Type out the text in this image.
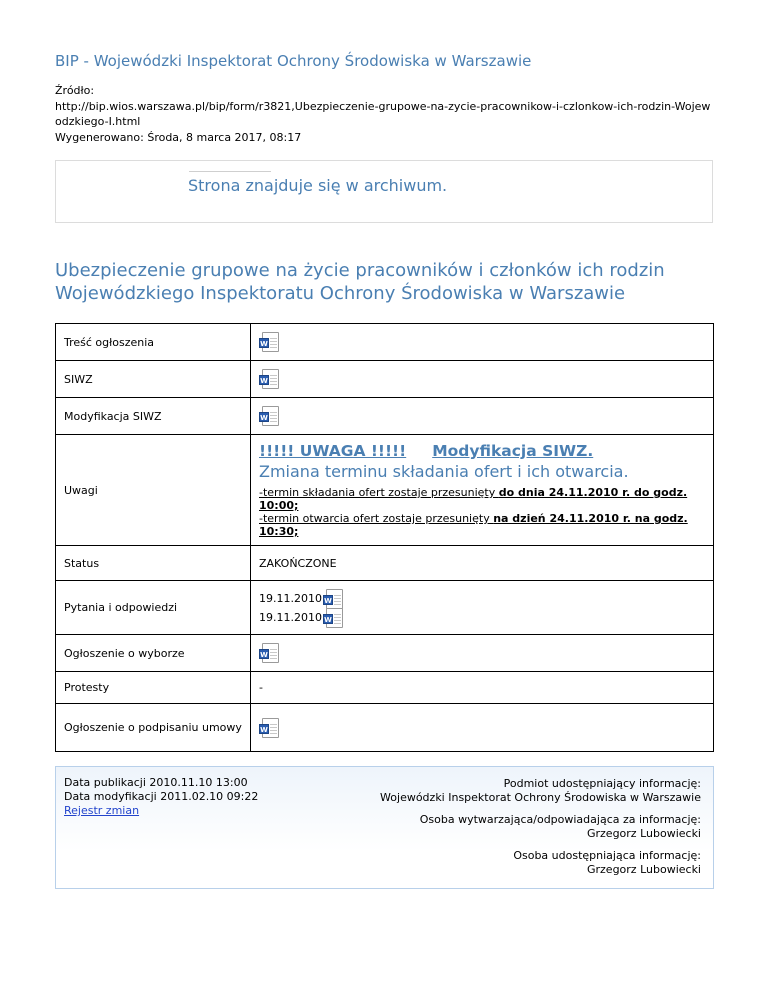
BIP - Wojewódzki Inspektorat Ochrony Środowiska w Warszawie
Źródło:
http://bip.wios.warszawa.pl/bip/form/r3821,Ubezpieczenie-grupowe-na-zycie-pracownikow-i-czlonkow-ich-rodzin-Wojewodzkiego-I.html
Wygenerowano: Środa, 8 marca 2017, 08:17
Strona znajduje się w archiwum.
Ubezpieczenie grupowe na życie pracowników i członków ich rodzin Wojewódzkiego Inspektoratu Ochrony Środowiska w Warszawie
Treść ogłoszenia	W

SIWZ	W

Modyfikacja SIWZ	W

Uwagi	!!!!! UWAGA !!!!! Modyfikacja SIWZ.
Zmiana terminu składania ofert i ich otwarcia.
-termin składania ofert zostaje przesunięty do dnia 24.11.2010 r. do godz. 10:00;
-termin otwarcia ofert zostaje przesunięty na dzień 24.11.2010 r. na godz. 10:30;

Status	ZAKOŃCZONE
Pytania i odpowiedzi	19.11.2010 W
19.11.2010 W

Ogłoszenie o wyborze	W

Protesty	-
Ogłoszenie o podpisaniu umowy	W
Data publikacji 2010.11.10 13:00
Data modyfikacji 2011.02.10 09:22
Rejestr zmian
Podmiot udostępniający informację:
Wojewódzki Inspektorat Ochrony Środowiska w Warszawie
Osoba wytwarzająca/odpowiadająca za informację:
Grzegorz Lubowiecki
Osoba udostępniająca informację:
Grzegorz Lubowiecki
